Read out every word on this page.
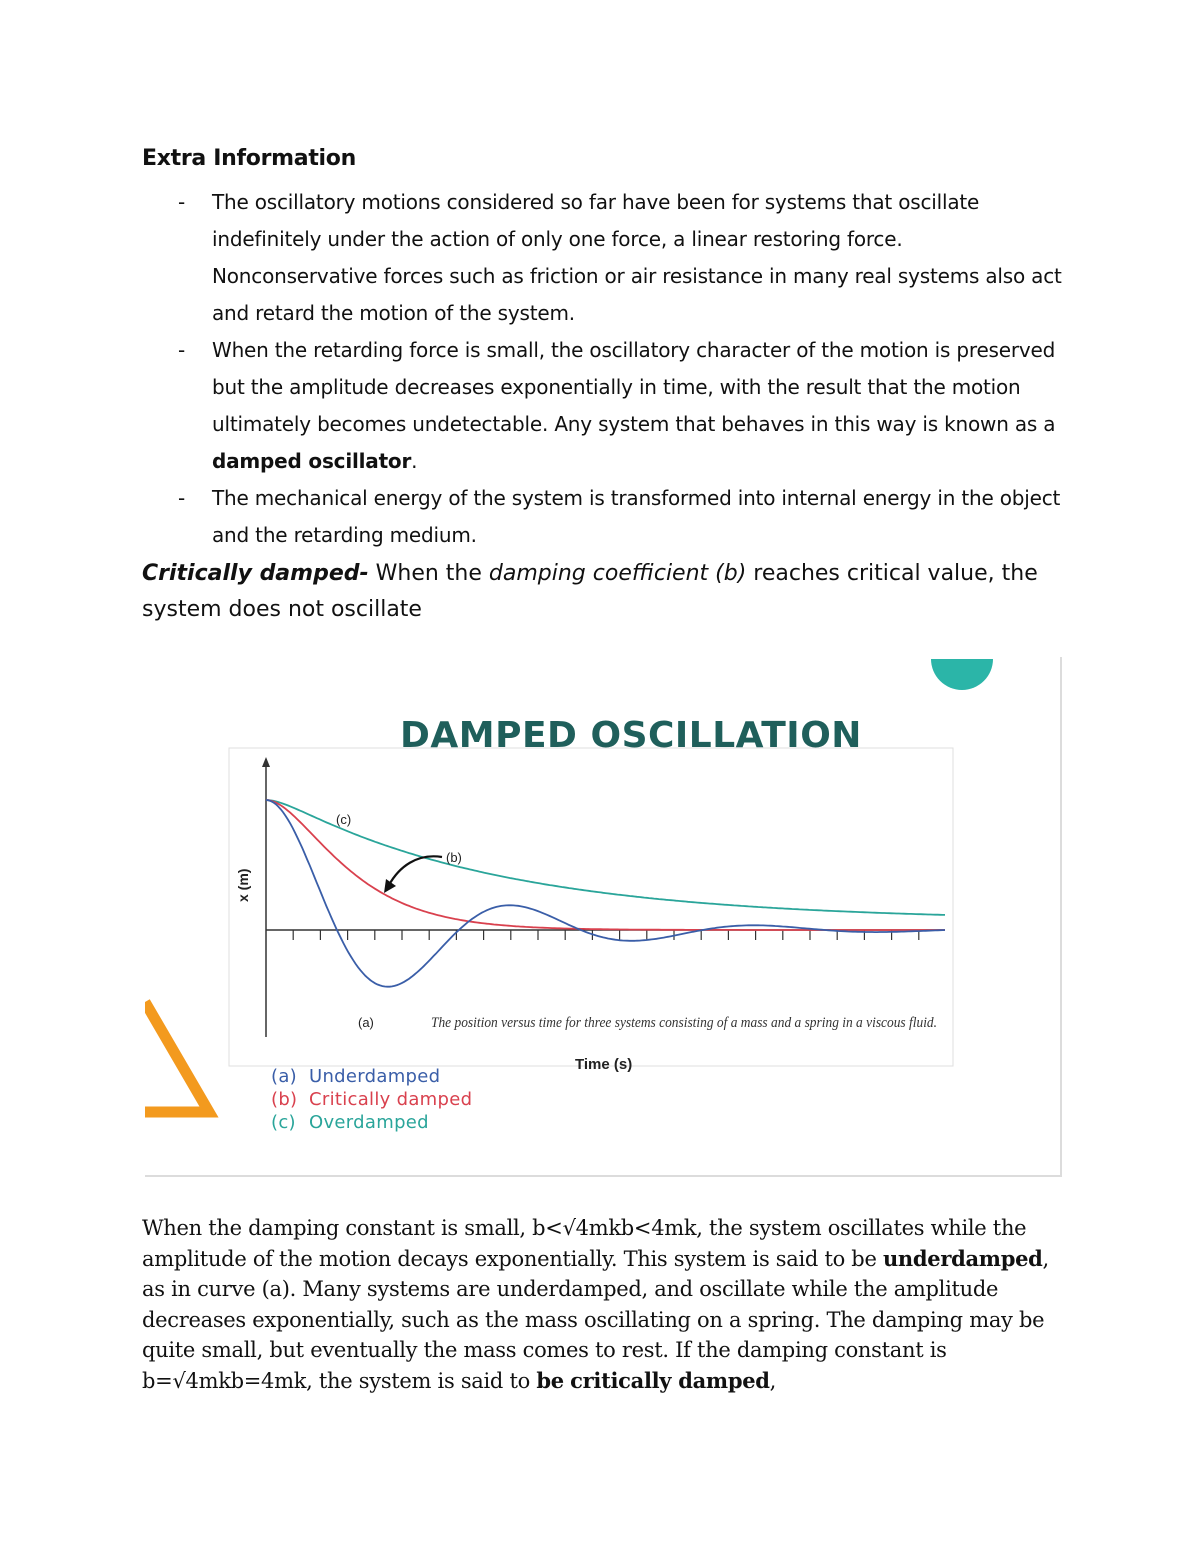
Extra Information
- The oscillatory motions considered so far have been for systems that oscillate indefinitely under the action of only one force, a linear restoring force. Nonconservative forces such as friction or air resistance in many real systems also act and retard the motion of the system.
- When the retarding force is small, the oscillatory character of the motion is preserved but the amplitude decreases exponentially in time, with the result that the motion ultimately becomes undetectable. Any system that behaves in this way is known as a damped oscillator.
- The mechanical energy of the system is transformed into internal energy in the object and the retarding medium.
Critically damped- When the damping coefficient (b) reaches critical value, the system does not oscillate
(c)
(b)
(a)	The position versus time for three systems consisting of a mass and a spring in a viscous fluid.
Time (s)
x (m)
DAMPED OSCILLATION
(a) Underdamped
(b) Critically damped
(c) Overdamped
When the damping constant is small, b<√4mkb<4mk, the system oscillates while the amplitude of the motion decays exponentially. This system is said to be underdamped, as in curve (a). Many systems are underdamped, and oscillate while the amplitude decreases exponentially, such as the mass oscillating on a spring. The damping may be quite small, but eventually the mass comes to rest. If the damping constant is b=√4mkb=4mk, the system is said to be critically damped,
